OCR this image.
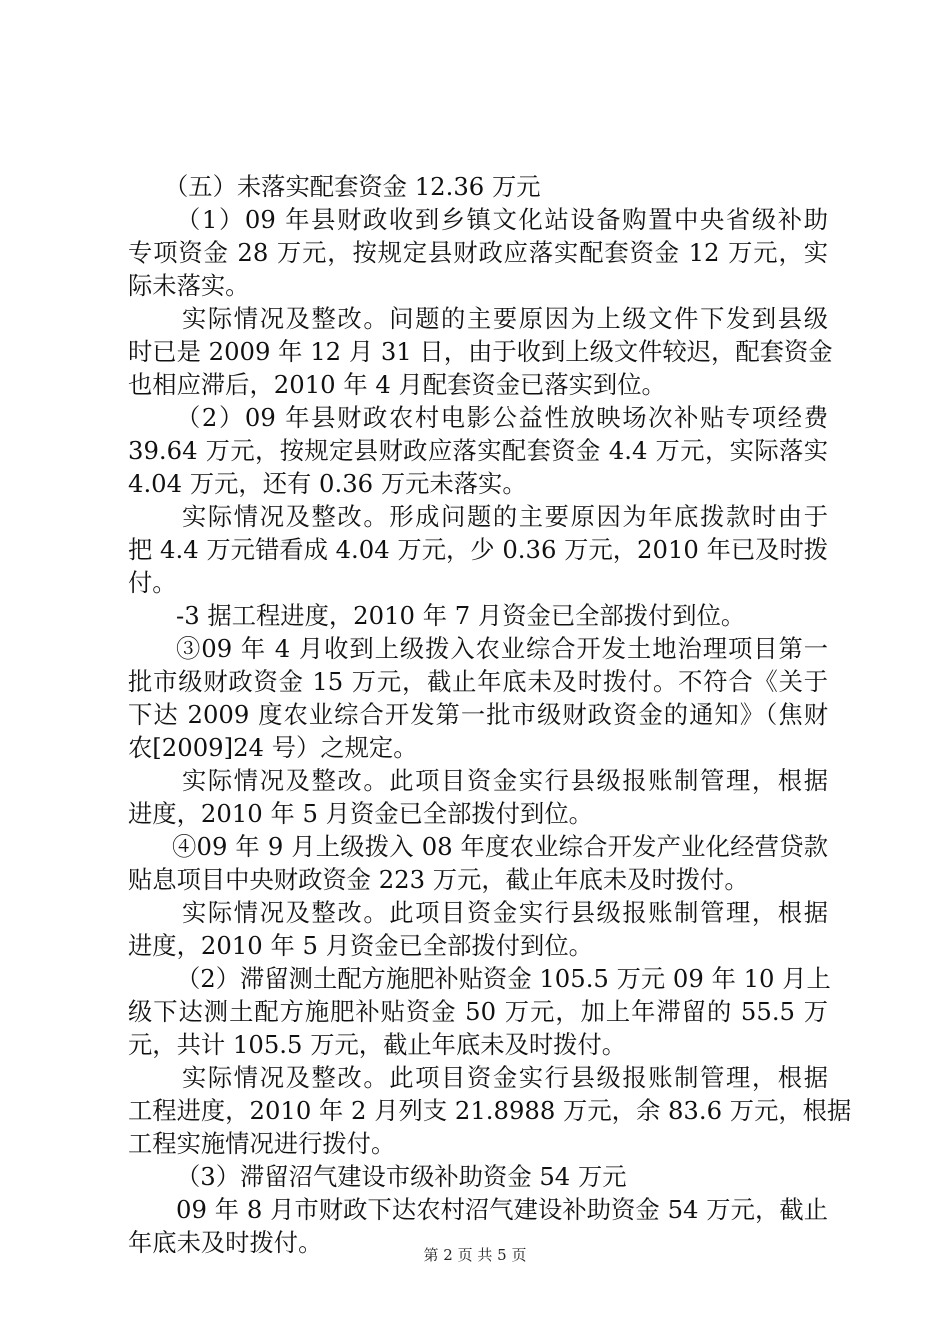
（五）未落实配套资金 12.36 万元
（1）09 年县财政收到乡镇文化站设备购置中央省级补助
专项资金 28 万元，按规定县财政应落实配套资金 12 万元，实
际未落实。
实际情况及整改。问题的主要原因为上级文件下发到县级
时已是 2009 年 12 月 31 日，由于收到上级文件较迟，配套资金
也相应滞后，2010 年 4 月配套资金已落实到位。
（2）09 年县财政农村电影公益性放映场次补贴专项经费
39.64 万元，按规定县财政应落实配套资金 4.4 万元，实际落实
4.04 万元，还有 0.36 万元未落实。
实际情况及整改。形成问题的主要原因为年底拨款时由于
把 4.4 万元错看成 4.04 万元，少 0.36 万元，2010 年已及时拨
付。
-3 据工程进度，2010 年 7 月资金已全部拨付到位。
③09 年 4 月收到上级拨入农业综合开发土地治理项目第一
批市级财政资金 15 万元，截止年底未及时拨付。不符合《关于
下达 2009 度农业综合开发第一批市级财政资金的通知》（焦财
农[2009]24 号）之规定。
实际情况及整改。此项目资金实行县级报账制管理，根据
进度，2010 年 5 月资金已全部拨付到位。
④09 年 9 月上级拨入 08 年度农业综合开发产业化经营贷款
贴息项目中央财政资金 223 万元，截止年底未及时拨付。
实际情况及整改。此项目资金实行县级报账制管理，根据
进度，2010 年 5 月资金已全部拨付到位。
（2）滞留测土配方施肥补贴资金 105.5 万元 09 年 10 月上
级下达测土配方施肥补贴资金 50 万元，加上年滞留的 55.5 万
元，共计 105.5 万元，截止年底未及时拨付。
实际情况及整改。此项目资金实行县级报账制管理，根据
工程进度，2010 年 2 月列支 21.8988 万元，余 83.6 万元，根据
工程实施情况进行拨付。
（3）滞留沼气建设市级补助资金 54 万元
09 年 8 月市财政下达农村沼气建设补助资金 54 万元，截止
年底未及时拨付。	第 2 页 共 5 页
